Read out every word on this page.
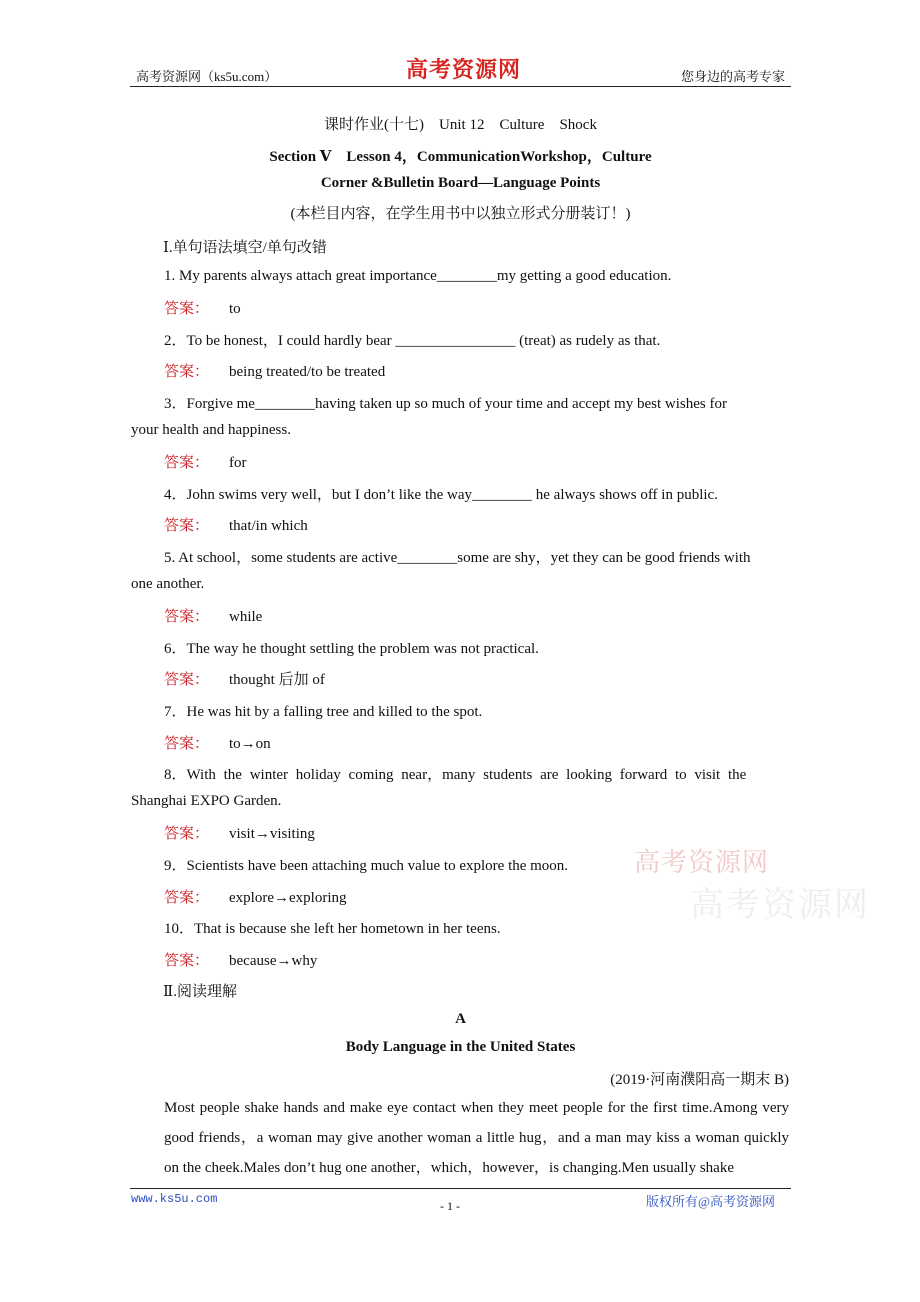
高考资源网（ks5u.com）	高考资源网	您身边的高考专家
课时作业(十七)　Unit 12　Culture　Shock
Section Ⅴ　Lesson 4，CommunicationWorkshop，Culture
Corner &Bulletin Board—Language Points
(本栏目内容，在学生用书中以独立形式分册装订！)
Ⅰ.单句语法填空/单句改错
1. My parents always attach great importance________my getting a good education.
答案： to
2．To be honest，I could hardly bear ________________ (treat) as rudely as that.
答案： being treated/to be treated
3．Forgive me________having taken up so much of your time and accept my best wishes for
your health and happiness.
答案： for
4．John swims very well，but I don’t like the way________ he always shows off in public.
答案： that/in which
5. At school，some students are active________some are shy，yet they can be good friends with
one another.
答案： while
6．The way he thought settling the problem was not practical.
答案： thought 后加 of
7．He was hit by a falling tree and killed to the spot.
答案： to→on
8．With the winter holiday coming near，many students are looking forward to visit the
Shanghai EXPO Garden.
答案： visit→visiting
9．Scientists have been attaching much value to explore the moon.
答案： explore→exploring
10．That is because she left her hometown in her teens.
答案： because→why
Ⅱ.阅读理解
A
Body Language in the United States
(2019·河南濮阳高一期末 B)
Most people shake hands and make eye contact when they meet people for the first time.Among very good friends，a woman may give another woman a little hug，and a man may kiss a woman quickly on the cheek.Males don’t hug one another，which，however，is changing.Men usually shake
高考资源网
高考资源网
www.ks5u.com	- 1 -	版权所有@高考资源网
